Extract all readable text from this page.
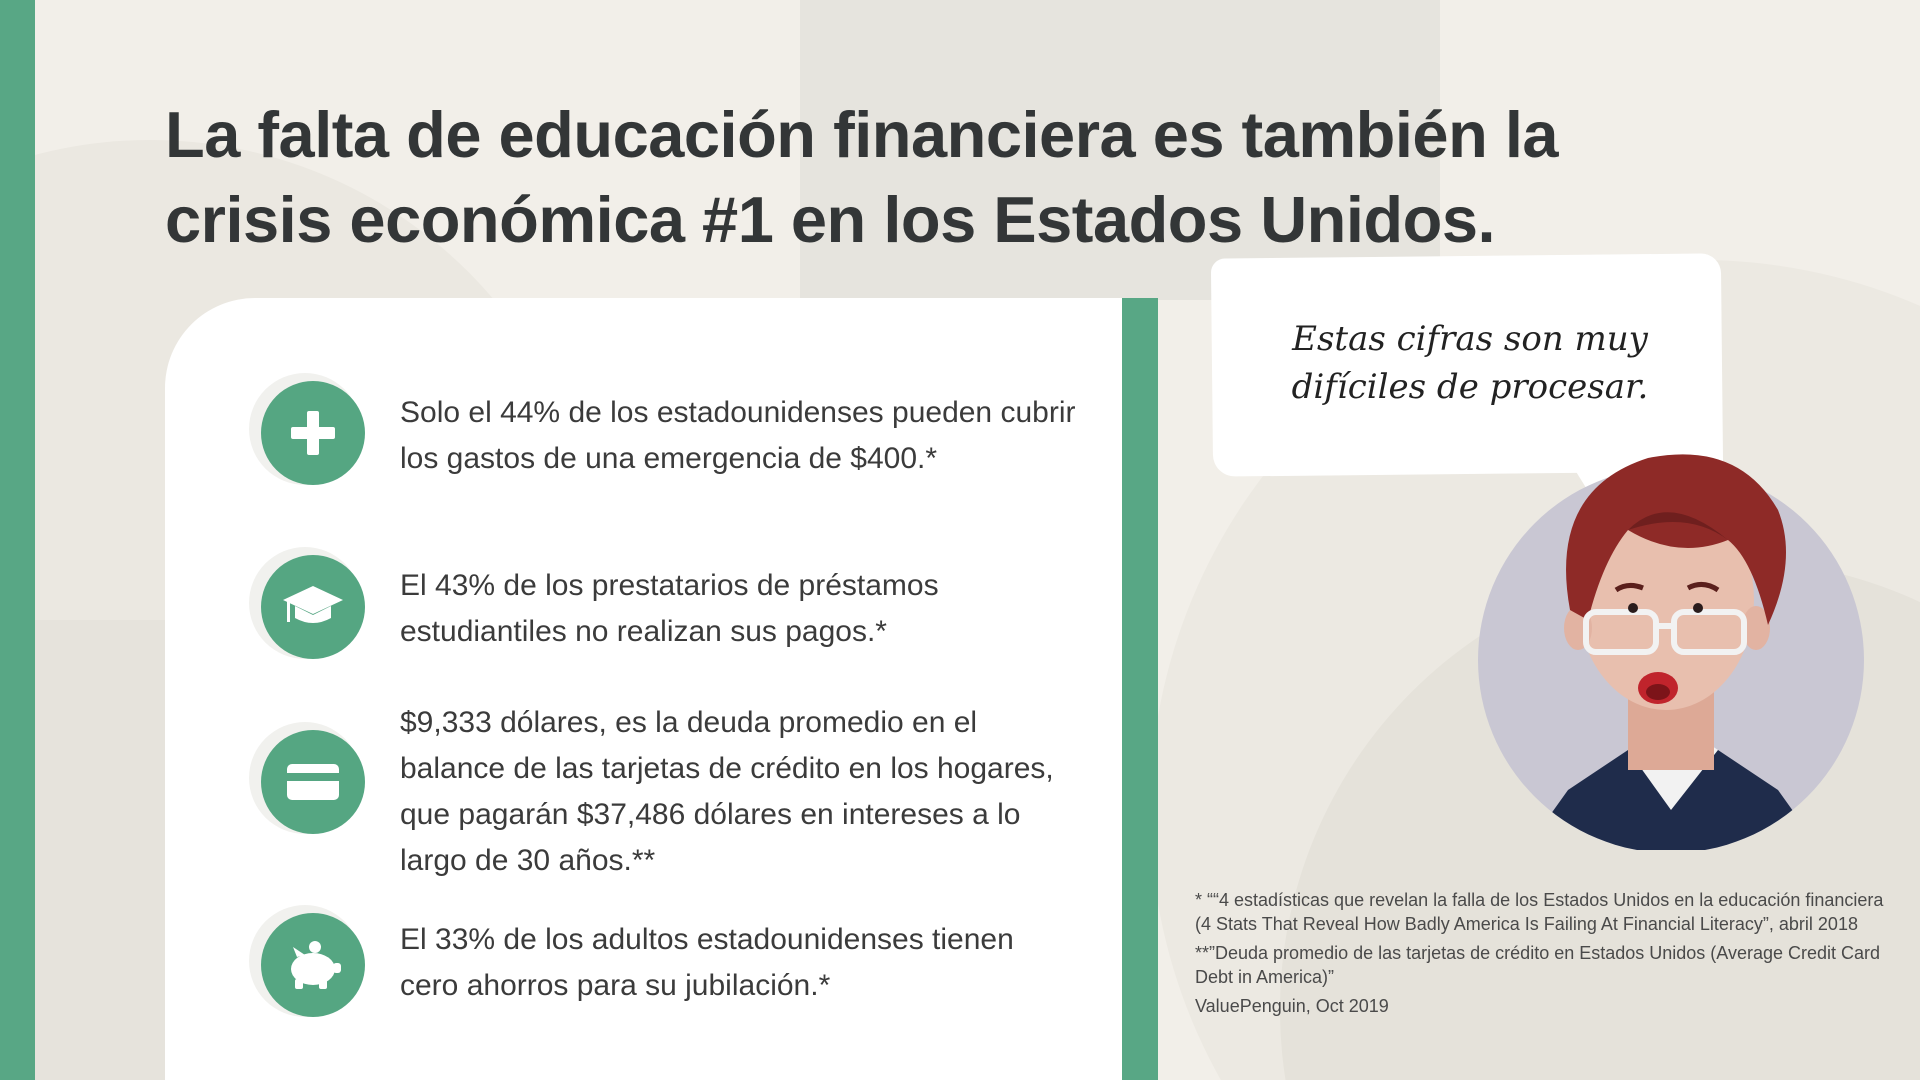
La falta de educación financiera es también la crisis económica #1 en los Estados Unidos.

Solo el 44% de los estadounidenses pueden cubrir los gastos de una emergencia de $400.*

El 43% de los prestatarios de préstamos estudiantiles no realizan sus pagos.*

$9,333 dólares, es la deuda promedio en el balance de las tarjetas de crédito en los hogares, que pagarán $37,486 dólares en intereses a lo largo de 30 años.**

El 33% de los adultos estadounidenses tienen cero ahorros para su jubilación.*

Estas cifras son muy difíciles de procesar.

* ““4 estadísticas que revelan la falla de los Estados Unidos en la educación financiera (4 Stats That Reveal How Badly America Is Failing At Financial Literacy”, abril 2018

**”Deuda promedio de las tarjetas de crédito en Estados Unidos (Average Credit Card Debt in America)”

ValuePenguin, Oct 2019
